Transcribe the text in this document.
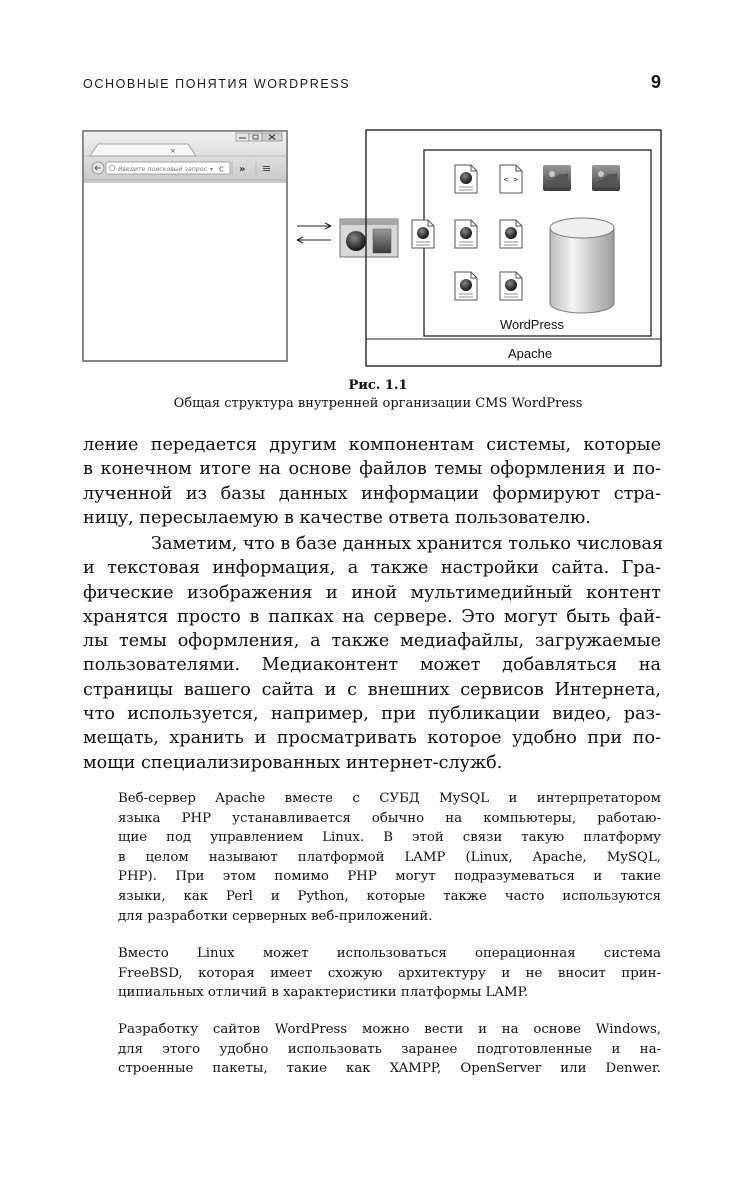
ОСНОВНЫЕ ПОНЯТИЯ WORDPRESS	9
×
Введите поисковый запрос ▾ C » ≡
Apache
WordPress
Рис. 1.1
Общая структура внутренней организации CMS WordPress
ление передается другим компонентам системы, которые
в конечном итоге на основе файлов темы оформления и по-
лученной из базы данных информации формируют стра-
ницу, пересылаемую в качестве ответа пользователю.
Заметим, что в базе данных хранится только числовая
и текстовая информация, а также настройки сайта. Гра-
фические изображения и иной мультимедийный контент
хранятся просто в папках на сервере. Это могут быть фай-
лы темы оформления, а также медиафайлы, загружаемые
пользователями. Медиаконтент может добавляться на
страницы вашего сайта и с внешних сервисов Интернета,
что используется, например, при публикации видео, раз-
мещать, хранить и просматривать которое удобно при по-
мощи специализированных интернет-служб.
Веб-сервер Apache вместе с СУБД MySQL и интерпретатором
языка PHP устанавливается обычно на компьютеры, работаю-
щие под управлением Linux. В этой связи такую платформу
в целом называют платформой LAMP (Linux, Apache, MySQL,
PHP). При этом помимо PHP могут подразумеваться и такие
языки, как Perl и Python, которые также часто используются
для разработки серверных веб-приложений.
Вместо Linux может использоваться операционная система
FreeBSD, которая имеет схожую архитектуру и не вносит прин-
ципиальных отличий в характеристики платформы LAMP.
Разработку сайтов WordPress можно вести и на основе Windows,
для этого удобно использовать заранее подготовленные и на-
строенные пакеты, такие как XAMPP, OpenServer или Denwer.
